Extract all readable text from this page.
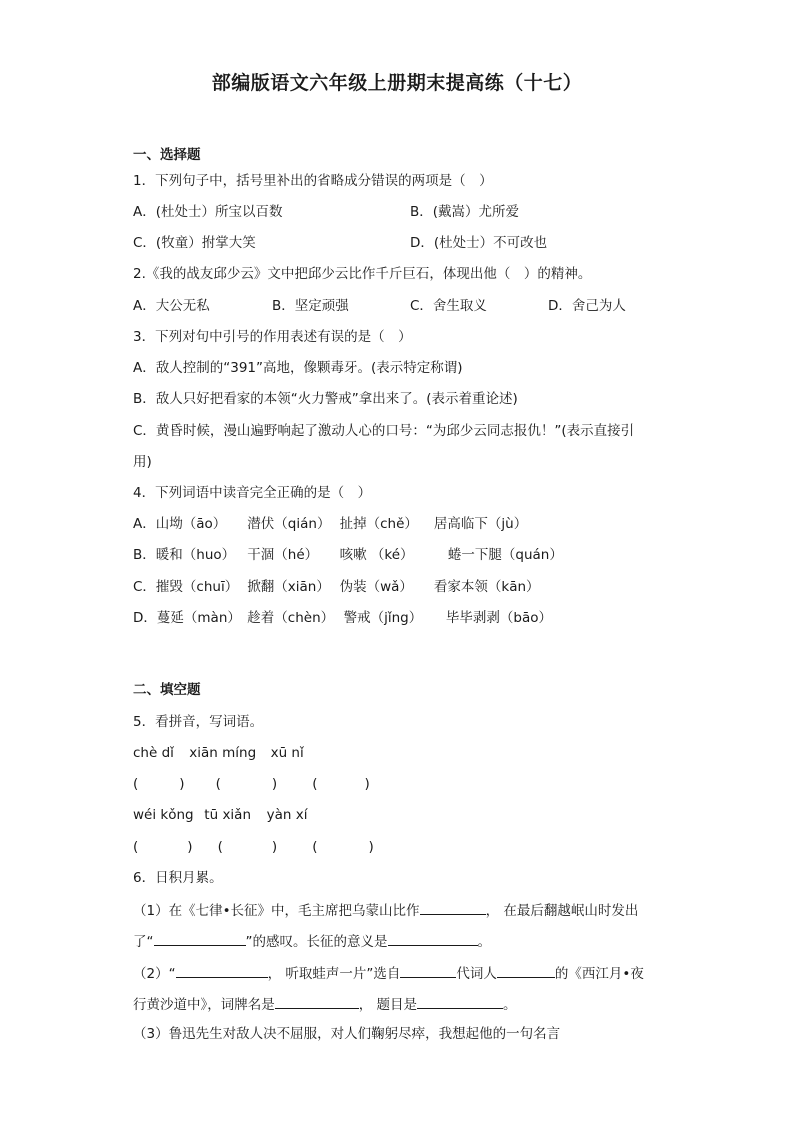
部编版语文六年级上册期末提高练（十七）
一、选择题
1．下列句子中，括号里补出的省略成分错误的两项是（　）
A．(杜处士）所宝以百数	B．(戴嵩）尤所爱
C．(牧童）拊掌大笑	D．(杜处士）不可改也
2.《我的战友邱少云》文中把邱少云比作千斤巨石，体现出他（　）的精神。
A．大公无私	B．坚定顽强	C．舍生取义	D．舍己为人
3．下列对句中引号的作用表述有误的是（　）
A．敌人控制的“391”高地，像颗毒牙。(表示特定称谓)
B．敌人只好把看家的本领“火力警戒”拿出来了。(表示着重论述)
C．黄昏时候，漫山遍野响起了激动人心的口号：“为邱少云同志报仇！”(表示直接引
用)
4．下列词语中读音完全正确的是（　）
A．山坳（āo） 潜伏（qián） 扯掉（chě） 居高临下（jù）
B．暖和（huo） 干涸（hé） 咳嗽 （ké）	蜷一下腿（quán）
C．摧毁（chuī） 掀翻（xiān） 伪装（wǎ） 看家本领（kān）
D．蔓延（màn） 趁着（chèn） 警戒（jǐng） 毕毕剥剥（bāo）
二、填空题
5．看拼音，写词语。
chè dǐ xiān míng xū nǐ
(	) (	)	(	)
wéi kǒng tū xiǎn yàn xí
(	) (	)	(	)
6．日积月累。
（1）在《七律•长征》中，毛主席把乌蒙山比作	， 在最后翻越岷山时发出
了“	”的感叹。长征的意义是	。
（2）“	， 听取蛙声一片”选自	代词人	的《西江月•夜
行黄沙道中》，词牌名是	， 题目是	。
（3）鲁迅先生对敌人决不屈服，对人们鞠躬尽瘁，我想起他的一句名言
